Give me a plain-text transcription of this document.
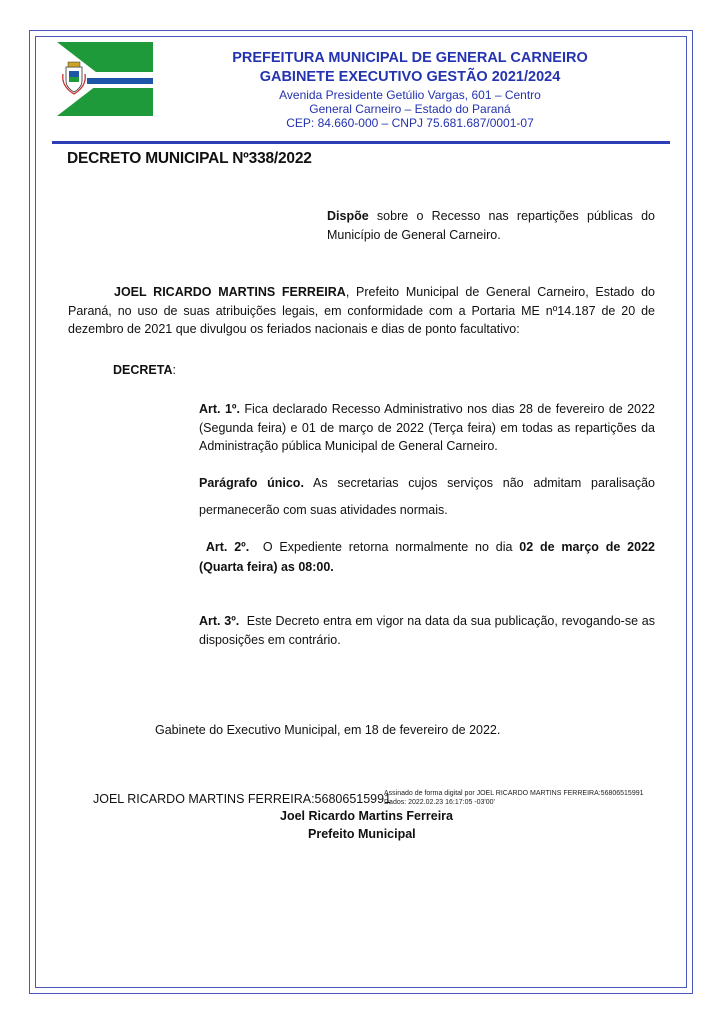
PREFEITURA MUNICIPAL DE GENERAL CARNEIRO
GABINETE EXECUTIVO GESTÃO 2021/2024
Avenida Presidente Getúlio Vargas, 601 – Centro
General Carneiro – Estado do Paraná
CEP: 84.660-000 – CNPJ 75.681.687/0001-07
DECRETO MUNICIPAL Nº338/2022
Dispõe sobre o Recesso nas repartições públicas do Município de General Carneiro.
JOEL RICARDO MARTINS FERREIRA, Prefeito Municipal de General Carneiro, Estado do Paraná, no uso de suas atribuições legais, em conformidade com a Portaria ME nº14.187 de 20 de dezembro de 2021 que divulgou os feriados nacionais e dias de ponto facultativo:
DECRETA:
Art. 1º. Fica declarado Recesso Administrativo nos dias 28 de fevereiro de 2022 (Segunda feira) e 01 de março de 2022 (Terça feira) em todas as repartições da Administração pública Municipal de General Carneiro.
Parágrafo único. As secretarias cujos serviços não admitam paralisação permanecerão com suas atividades normais.
Art. 2º.  O Expediente retorna normalmente no dia 02 de março de 2022 (Quarta feira) as 08:00.
Art. 3º.  Este Decreto entra em vigor na data da sua publicação, revogando-se as disposições em contrário.
Gabinete do Executivo Municipal, em 18 de fevereiro de 2022.
JOEL RICARDO MARTINS FERREIRA:56806515991
Assinado de forma digital por JOEL RICARDO MARTINS FERREIRA:56806515991
Dados: 2022.02.23 16:17:05 -03'00'
Joel Ricardo Martins Ferreira
Prefeito Municipal
